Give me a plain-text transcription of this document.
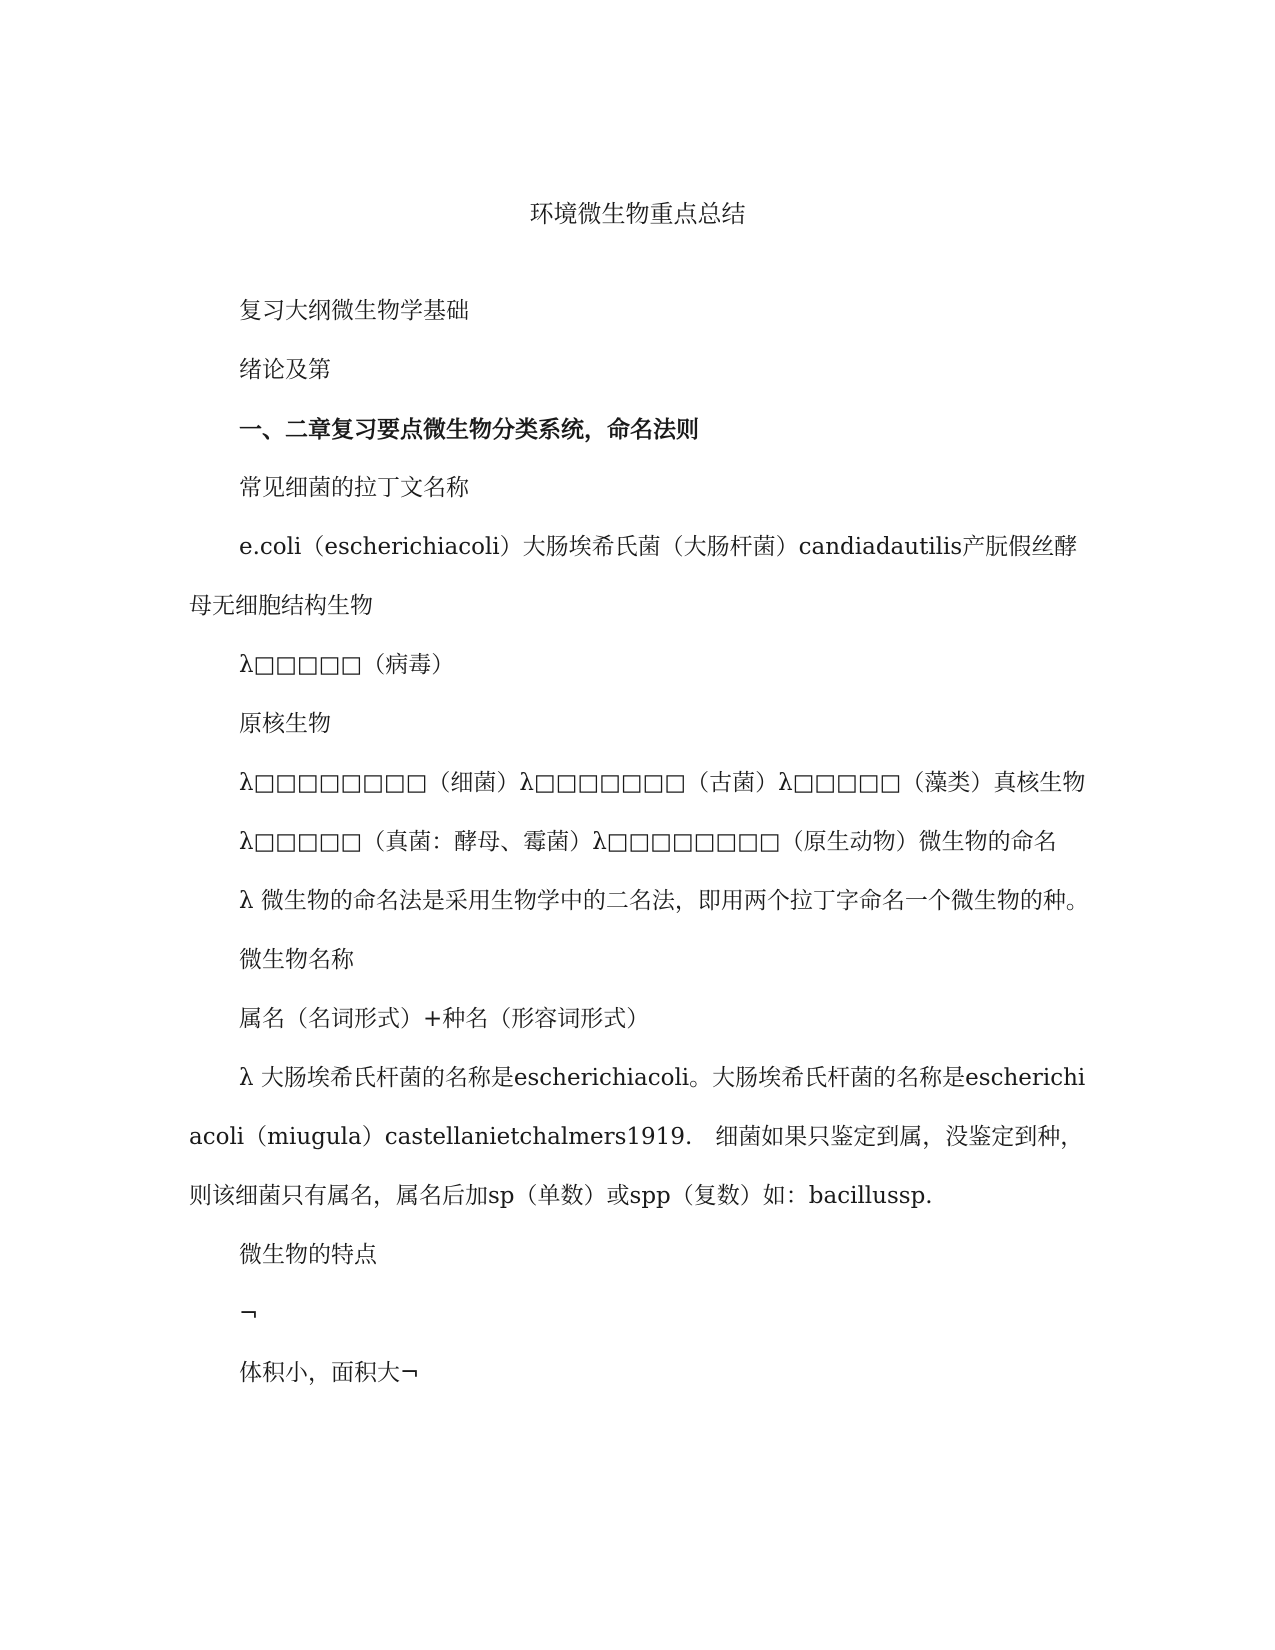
环境微生物重点总结

复习大纲微生物学基础

绪论及第

一、二章复习要点微生物分类系统，命名法则

常见细菌的拉丁文名称

e.coli（escherichiacoli）大肠埃希氏菌（大肠杆菌）candiadautilis产朊假丝酵母无细胞结构生物

λ□□□□□（病毒）

原核生物

λ□□□□□□□□（细菌）λ□□□□□□□（古菌）λ□□□□□（藻类）真核生物

λ□□□□□（真菌：酵母、霉菌）λ□□□□□□□□（原生动物）微生物的命名

λ 微生物的命名法是采用生物学中的二名法，即用两个拉丁字命名一个微生物的种。

微生物名称

属名（名词形式）+种名（形容词形式）

λ 大肠埃希氏杆菌的名称是escherichiacoli。大肠埃希氏杆菌的名称是escherichiacoli（miugula）castellanietchalmers1919.　细菌如果只鉴定到属，没鉴定到种，则该细菌只有属名，属名后加sp（单数）或spp（复数）如：bacillussp.

微生物的特点

¬

体积小，面积大¬
